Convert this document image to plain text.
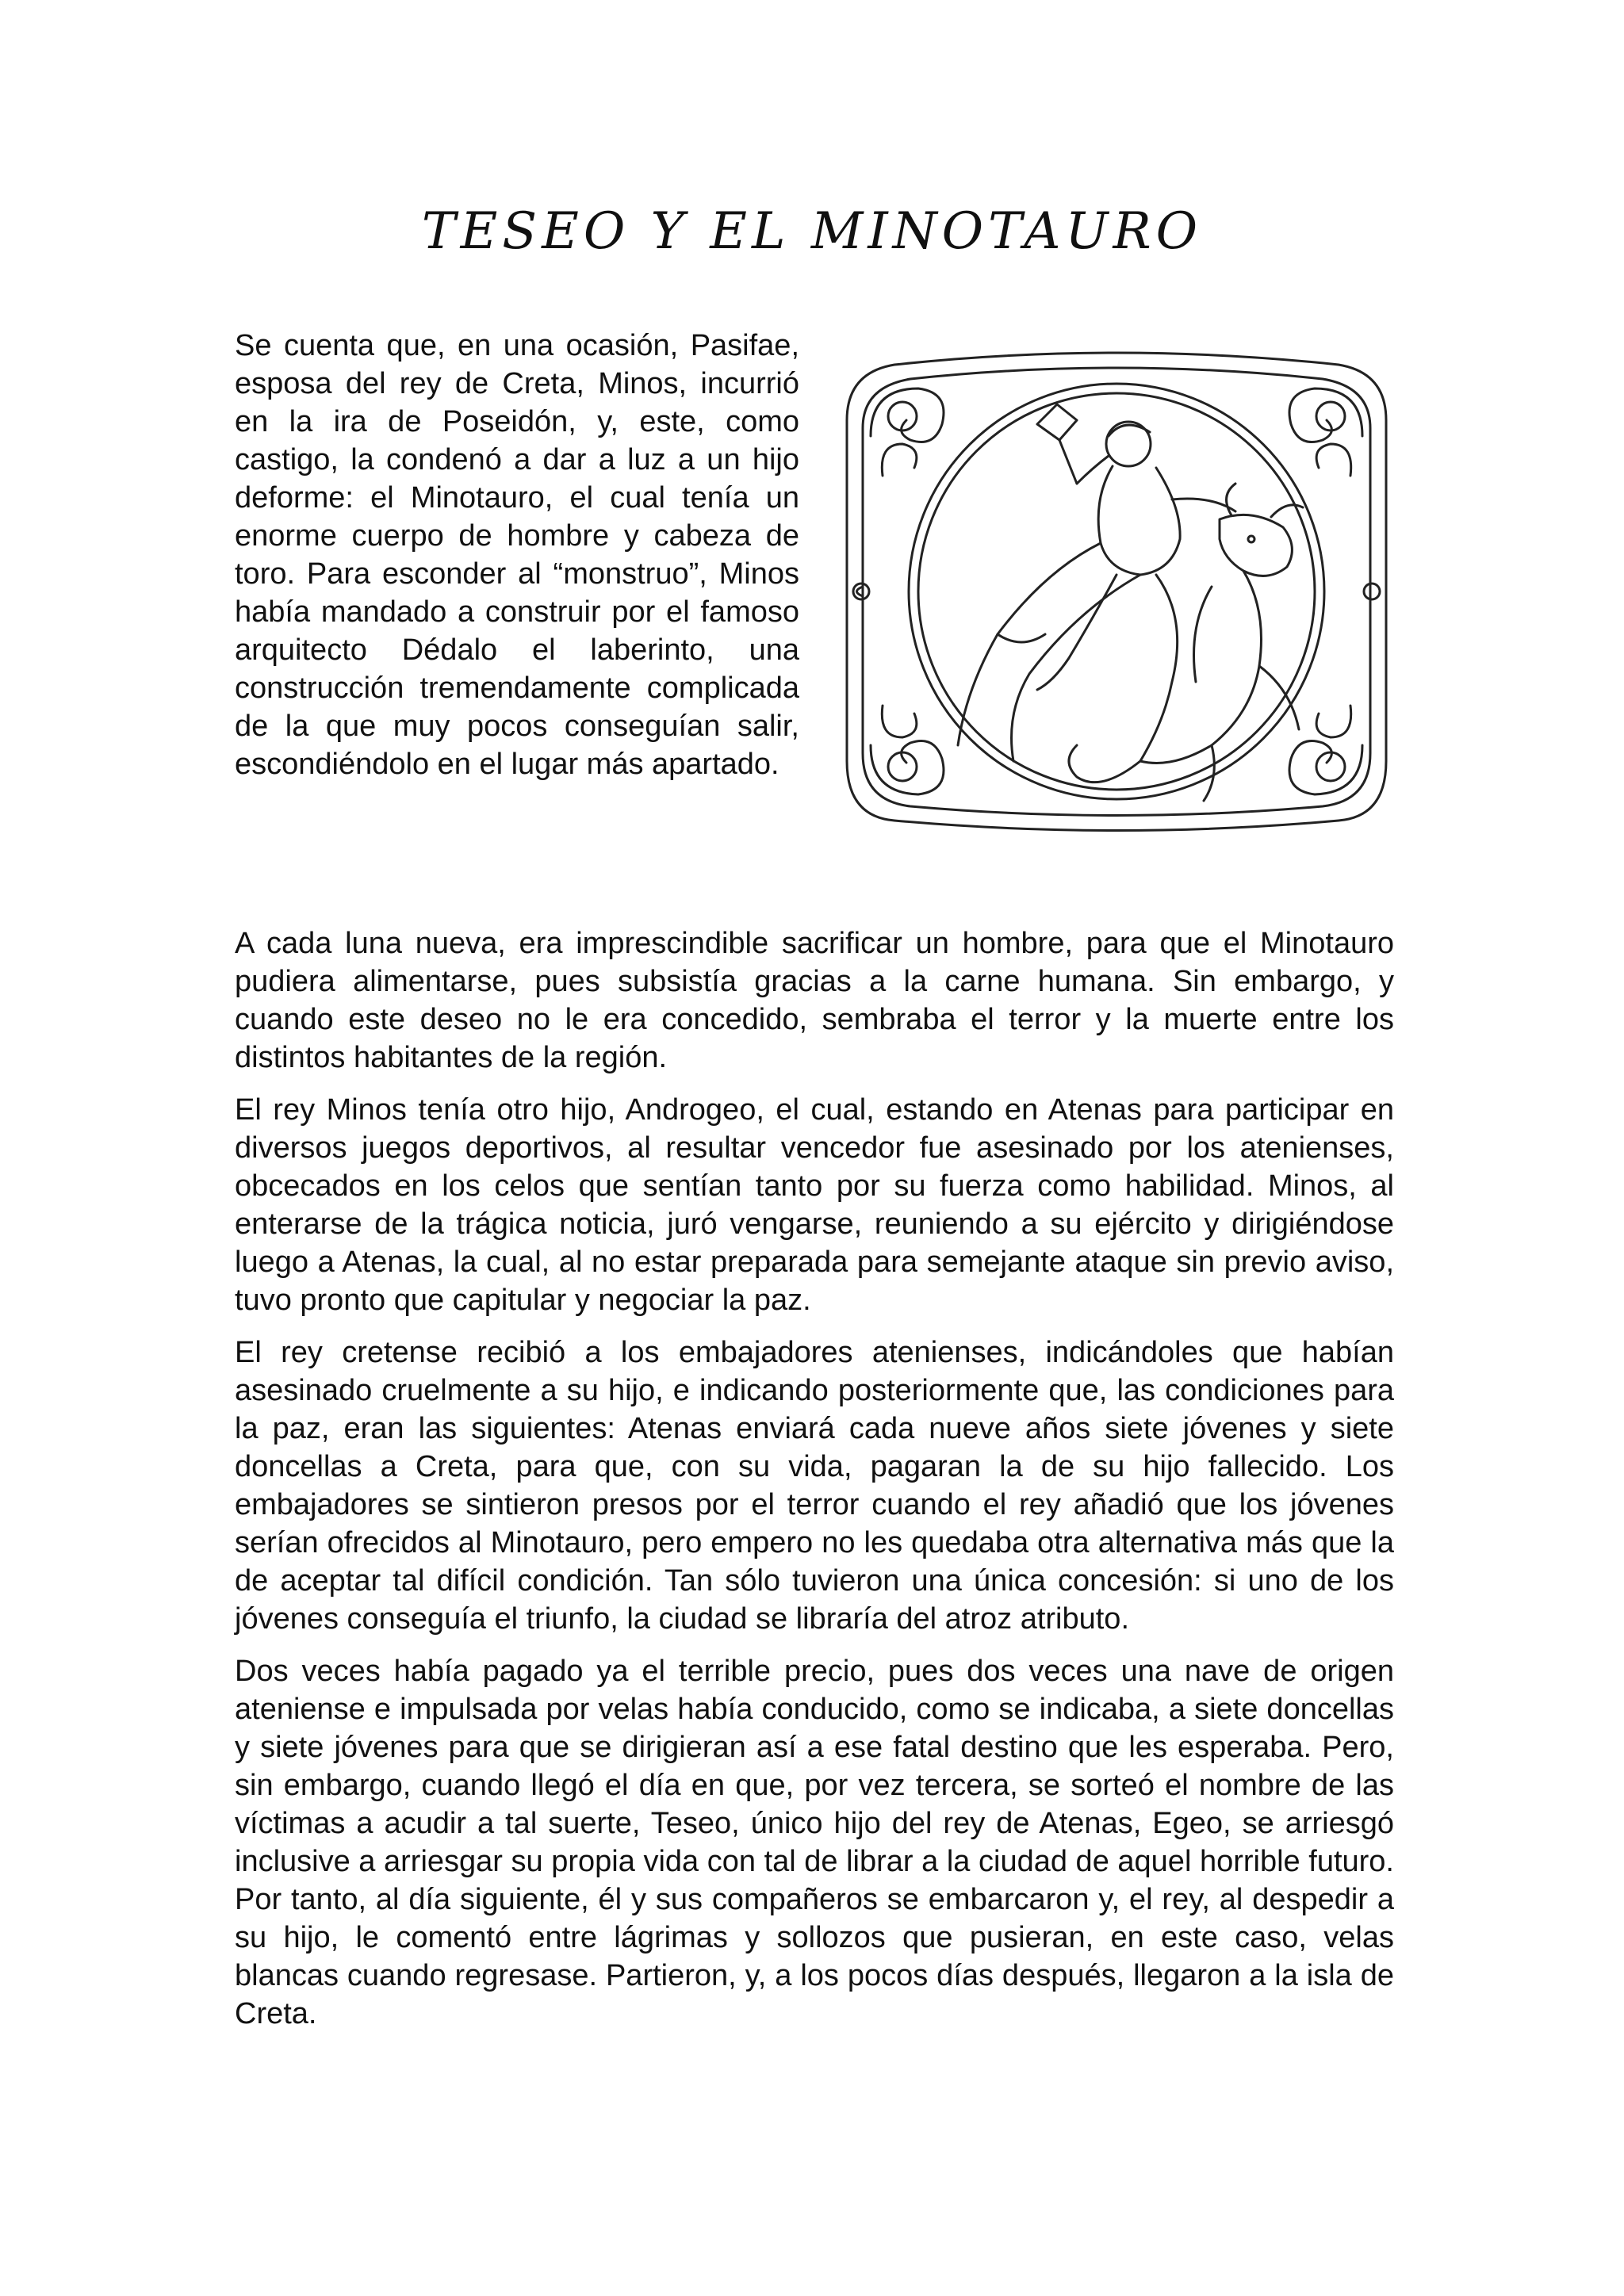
TESEO Y EL MINOTAURO

Se cuenta que, en una ocasión, Pasifae, esposa del rey de Creta, Minos, incurrió en la ira de Poseidón, y, este, como castigo, la condenó a dar a luz a un hijo deforme: el Minotauro, el cual tenía un enorme cuerpo de hombre y cabeza de toro. Para esconder al “monstruo”, Minos había mandado a construir por el famoso arquitecto Dédalo el laberinto, una construcción tremendamente complicada de la que muy pocos conseguían salir, escondiéndolo en el lugar más apartado.

A cada luna nueva, era imprescindible sacrificar un hombre, para que el Minotauro pudiera alimentarse, pues subsistía gracias a la carne humana. Sin embargo, y cuando este deseo no le era concedido, sembraba el terror y la muerte entre los distintos habitantes de la región.

El rey Minos tenía otro hijo, Androgeo, el cual, estando en Atenas para participar en diversos juegos deportivos, al resultar vencedor fue asesinado por los atenienses, obcecados en los celos que sentían tanto por su fuerza como habilidad. Minos, al enterarse de la trágica noticia, juró vengarse, reuniendo a su ejército y dirigiéndose luego a Atenas, la cual, al no estar preparada para semejante ataque sin previo aviso, tuvo pronto que capitular y negociar la paz.

El rey cretense recibió a los embajadores atenienses, indicándoles que habían asesinado cruelmente a su hijo, e indicando posteriormente que, las condiciones para la paz, eran las siguientes: Atenas enviará cada nueve años siete jóvenes y siete doncellas a Creta, para que, con su vida, pagaran la de su hijo fallecido. Los embajadores se sintieron presos por el terror cuando el rey añadió que los jóvenes serían ofrecidos al Minotauro, pero empero no les quedaba otra alternativa más que la de aceptar tal difícil condición. Tan sólo tuvieron una única concesión: si uno de los jóvenes conseguía el triunfo, la ciudad se libraría del atroz atributo.

Dos veces había pagado ya el terrible precio, pues dos veces una nave de origen ateniense e impulsada por velas había conducido, como se indicaba, a siete doncellas y siete jóvenes para que se dirigieran así a ese fatal destino que les esperaba. Pero, sin embargo, cuando llegó el día en que, por vez tercera, se sorteó el nombre de las víctimas a acudir a tal suerte, Teseo, único hijo del rey de Atenas, Egeo, se arriesgó inclusive a arriesgar su propia vida con tal de librar a la ciudad de aquel horrible futuro. Por tanto, al día siguiente, él y sus compañeros se embarcaron y, el rey, al despedir a su hijo, le comentó entre lágrimas y sollozos que pusieran, en este caso, velas blancas cuando regresase. Partieron, y, a los pocos días después, llegaron a la isla de Creta.
